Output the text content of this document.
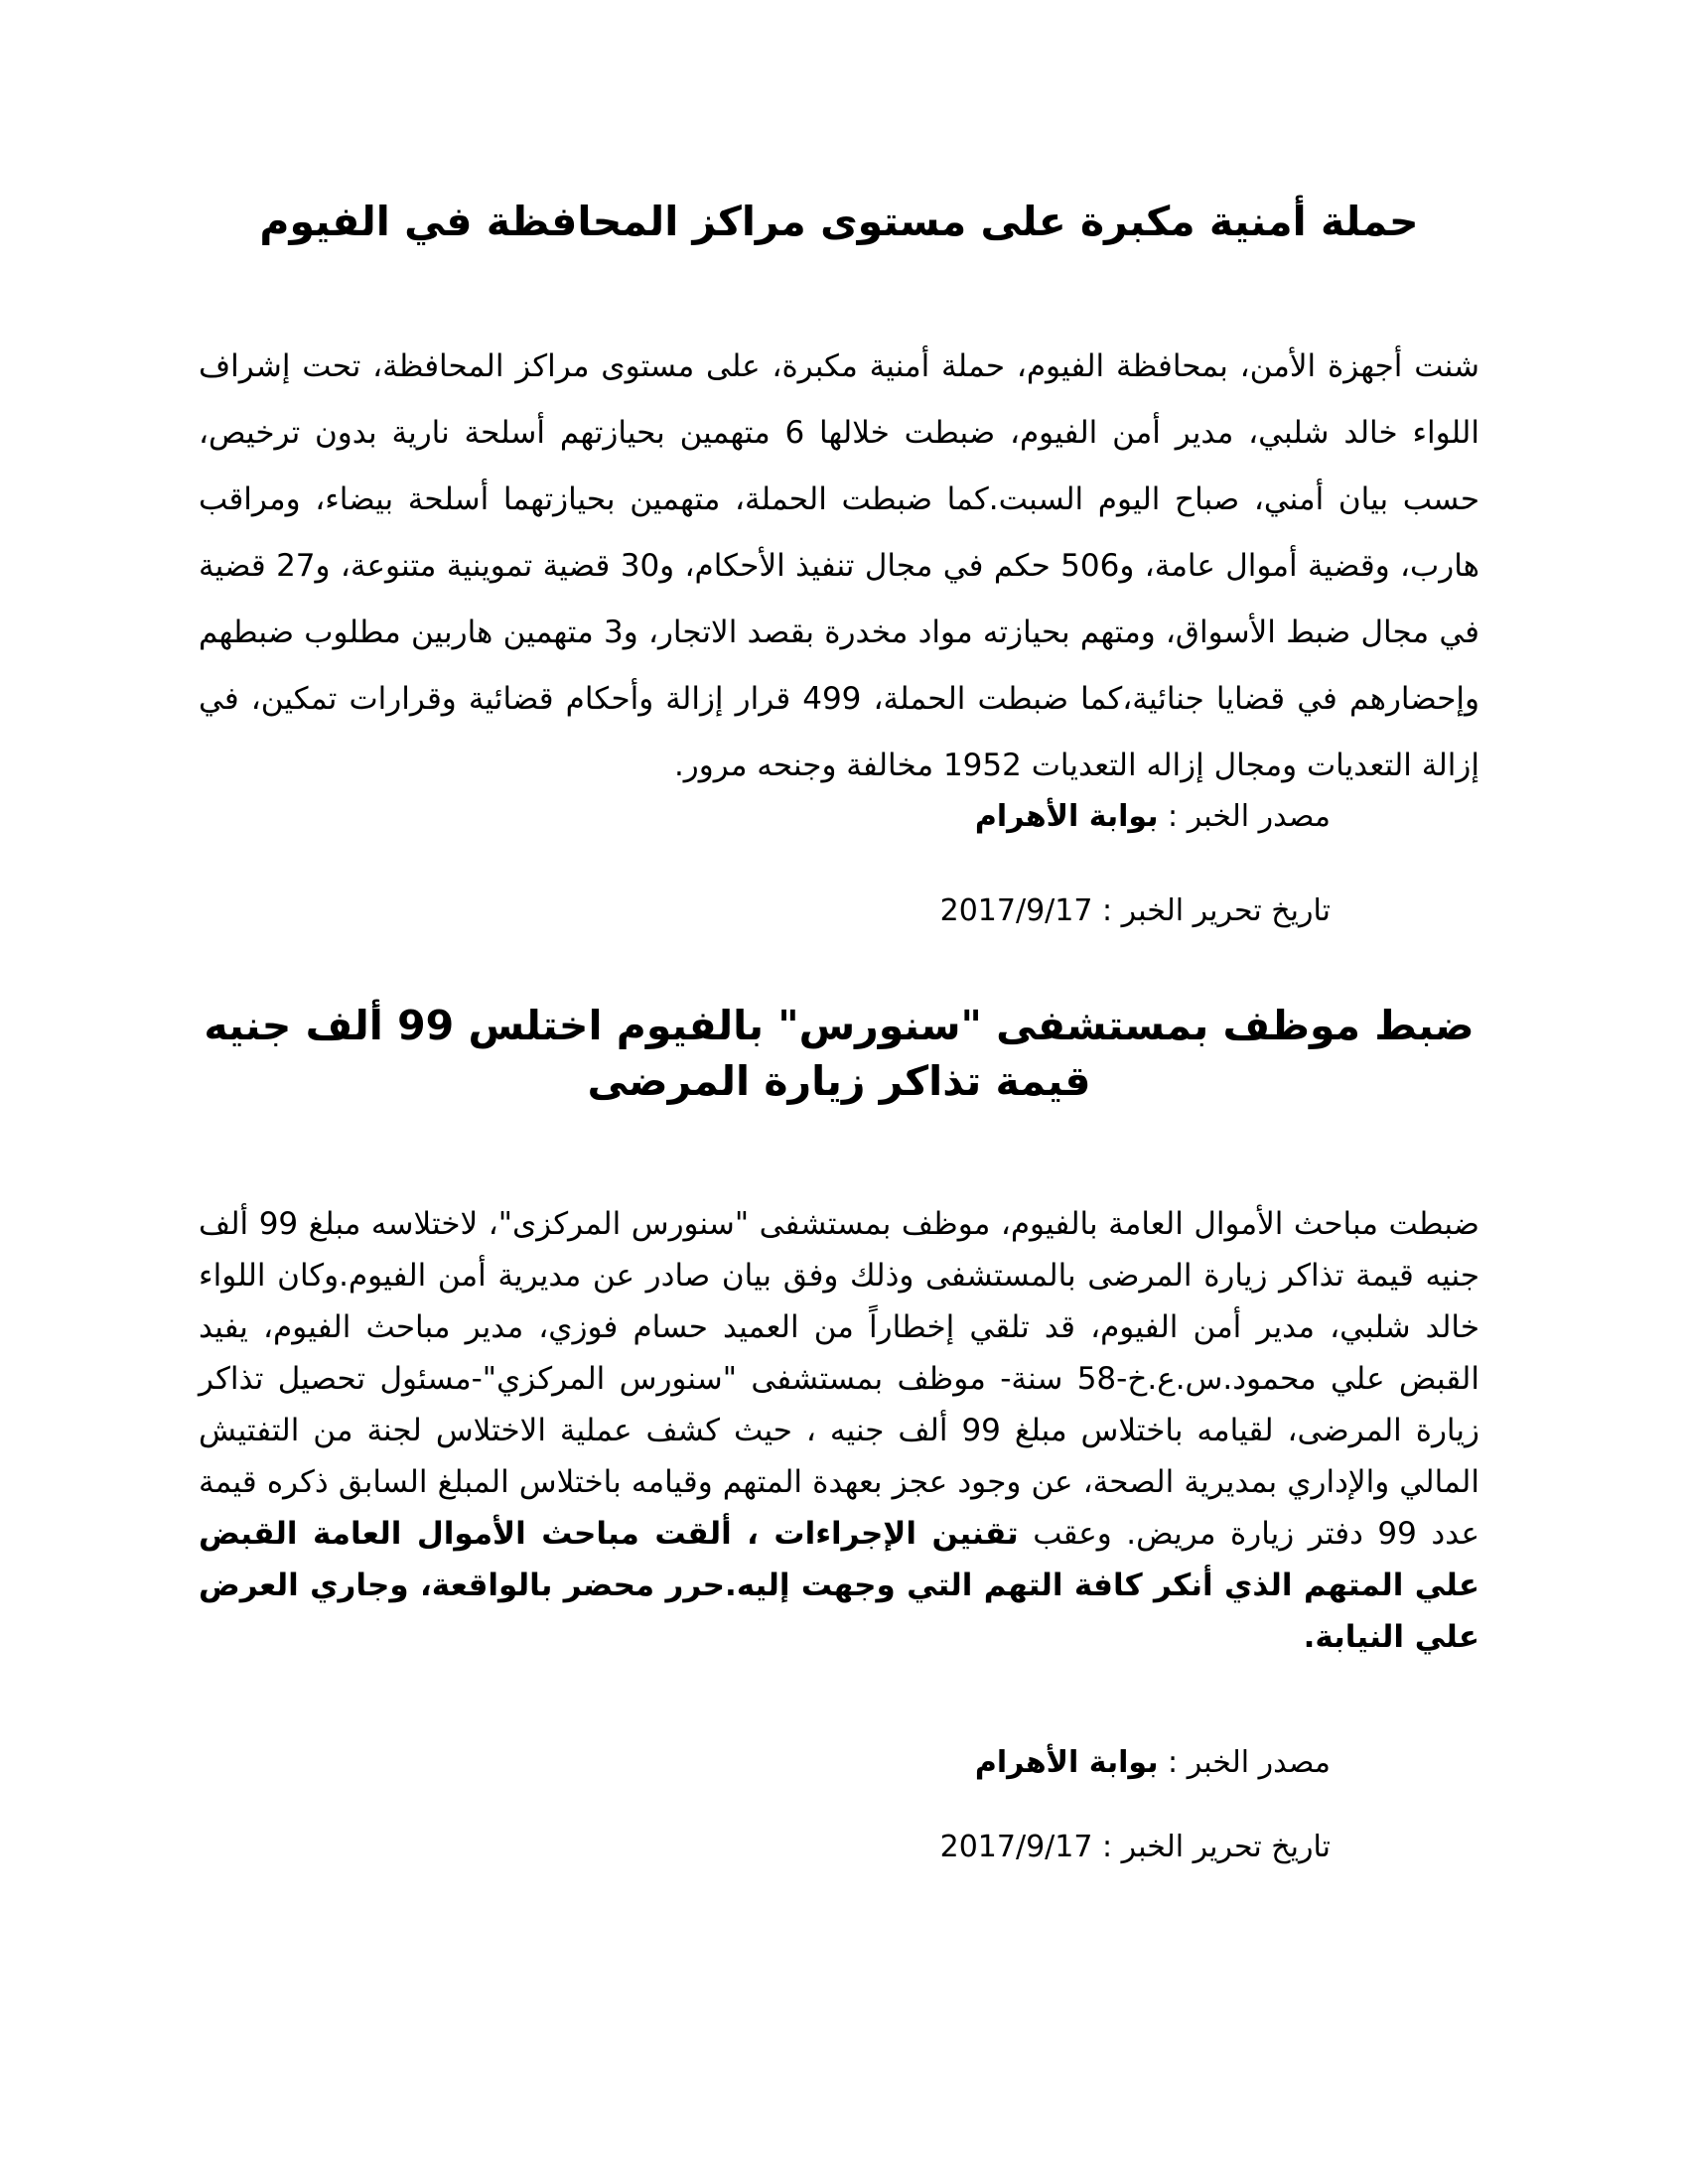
حملة أمنية مكبرة على مستوى مراكز المحافظة في الفيوم

شنت أجهزة الأمن، بمحافظة الفيوم، حملة أمنية مكبرة، على مستوى مراكز المحافظة، تحت إشراف اللواء خالد شلبي، مدير أمن الفيوم، ضبطت خلالها 6 متهمين بحيازتهم أسلحة نارية بدون ترخيص، حسب بيان أمني، صباح اليوم السبت.كما ضبطت الحملة، متهمين بحيازتهما أسلحة بيضاء، ومراقب هارب، وقضية أموال عامة، و506 حكم في مجال تنفيذ الأحكام، و30 قضية تموينية متنوعة، و27 قضية في مجال ضبط الأسواق، ومتهم بحيازته مواد مخدرة بقصد الاتجار، و3 متهمين هاربين مطلوب ضبطهم وإحضارهم في قضايا جنائية،كما ضبطت الحملة، 499 قرار إزالة وأحكام قضائية وقرارات تمكين، في إزالة التعديات ومجال إزاله التعديات 1952 مخالفة وجنحه مرور.

مصدر الخبر : بوابة الأهرام

تاريخ تحرير الخبر : 2017/9/17

ضبط موظف بمستشفى "سنورس" بالفيوم اختلس 99 ألف جنيه قيمة تذاكر زيارة المرضى

ضبطت مباحث الأموال العامة بالفيوم، موظف بمستشفى "سنورس المركزى"، لاختلاسه مبلغ 99 ألف جنيه قيمة تذاكر زيارة المرضى بالمستشفى وذلك وفق بيان صادر عن مديرية أمن الفيوم.وكان اللواء خالد شلبي، مدير أمن الفيوم، قد تلقي إخطاراً من العميد حسام فوزي، مدير مباحث الفيوم، يفيد القبض علي محمود.س.ع.خ-58 سنة- موظف بمستشفى "سنورس المركزي"-مسئول تحصيل تذاكر زيارة المرضى، لقيامه باختلاس مبلغ 99 ألف جنيه ، حيث كشف عملية الاختلاس لجنة من التفتيش المالي والإداري بمديرية الصحة، عن وجود عجز بعهدة المتهم وقيامه باختلاس المبلغ السابق ذكره قيمة عدد 99 دفتر زيارة مريض. وعقب تقنين الإجراءات ، ألقت مباحث الأموال العامة القبض علي المتهم الذي أنكر كافة التهم التي وجهت إليه.حرر محضر بالواقعة، وجاري العرض علي النيابة.

مصدر الخبر : بوابة الأهرام

تاريخ تحرير الخبر : 2017/9/17
